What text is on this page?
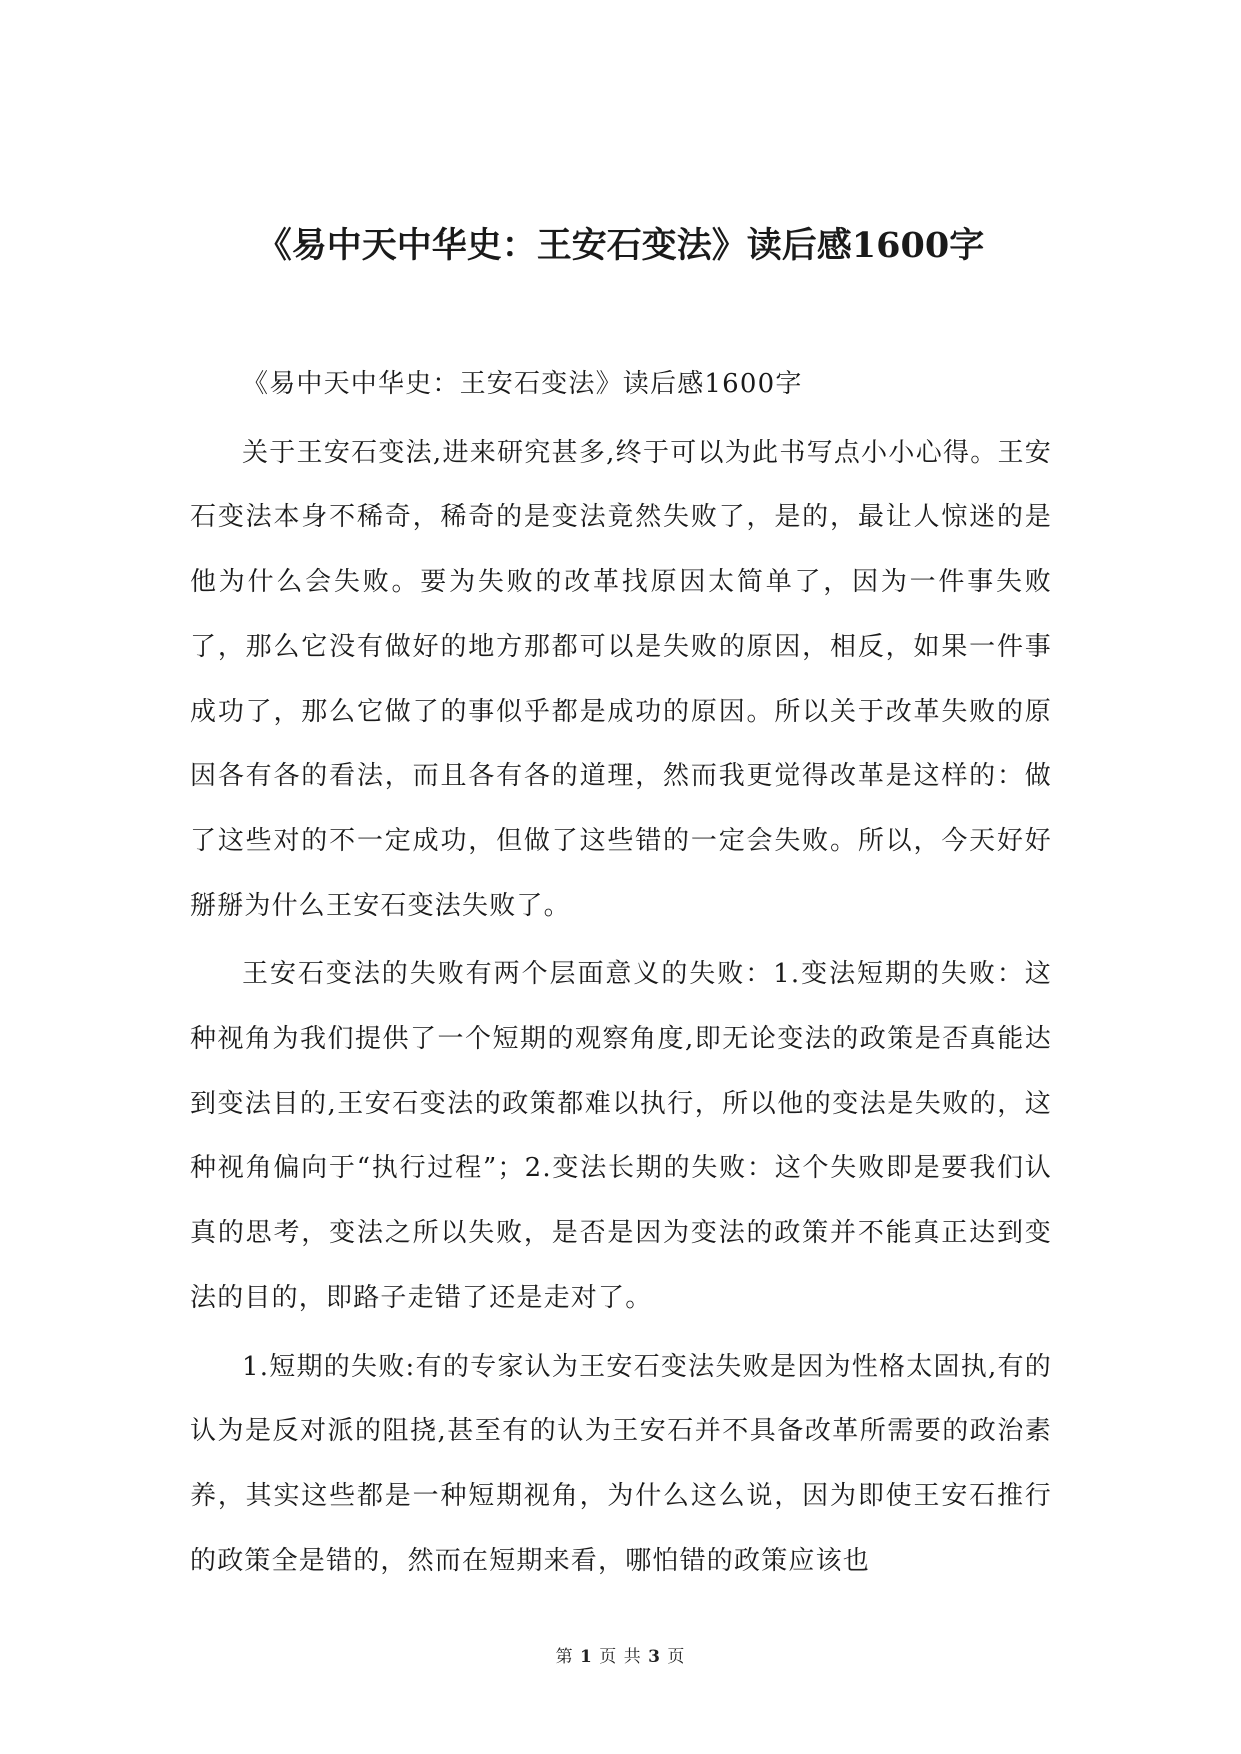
《易中天中华史：王安石变法》读后感1600字

《易中天中华史：王安石变法》读后感1600字

关于王安石变法,进来研究甚多,终于可以为此书写点小小心得。王安石变法本身不稀奇，稀奇的是变法竟然失败了，是的，最让人惊迷的是他为什么会失败。要为失败的改革找原因太简单了，因为一件事失败了，那么它没有做好的地方那都可以是失败的原因，相反，如果一件事成功了，那么它做了的事似乎都是成功的原因。所以关于改革失败的原因各有各的看法，而且各有各的道理，然而我更觉得改革是这样的：做了这些对的不一定成功，但做了这些错的一定会失败。所以，今天好好掰掰为什么王安石变法失败了。

王安石变法的失败有两个层面意义的失败：1.变法短期的失败：这种视角为我们提供了一个短期的观察角度,即无论变法的政策是否真能达到变法目的,王安石变法的政策都难以执行，所以他的变法是失败的，这种视角偏向于“执行过程”；2.变法长期的失败：这个失败即是要我们认真的思考，变法之所以失败，是否是因为变法的政策并不能真正达到变法的目的，即路子走错了还是走对了。

1.短期的失败:有的专家认为王安石变法失败是因为性格太固执,有的认为是反对派的阻挠,甚至有的认为王安石并不具备改革所需要的政治素养，其实这些都是一种短期视角，为什么这么说，因为即使王安石推行的政策全是错的，然而在短期来看，哪怕错的政策应该也

第 1 页 共 3 页
